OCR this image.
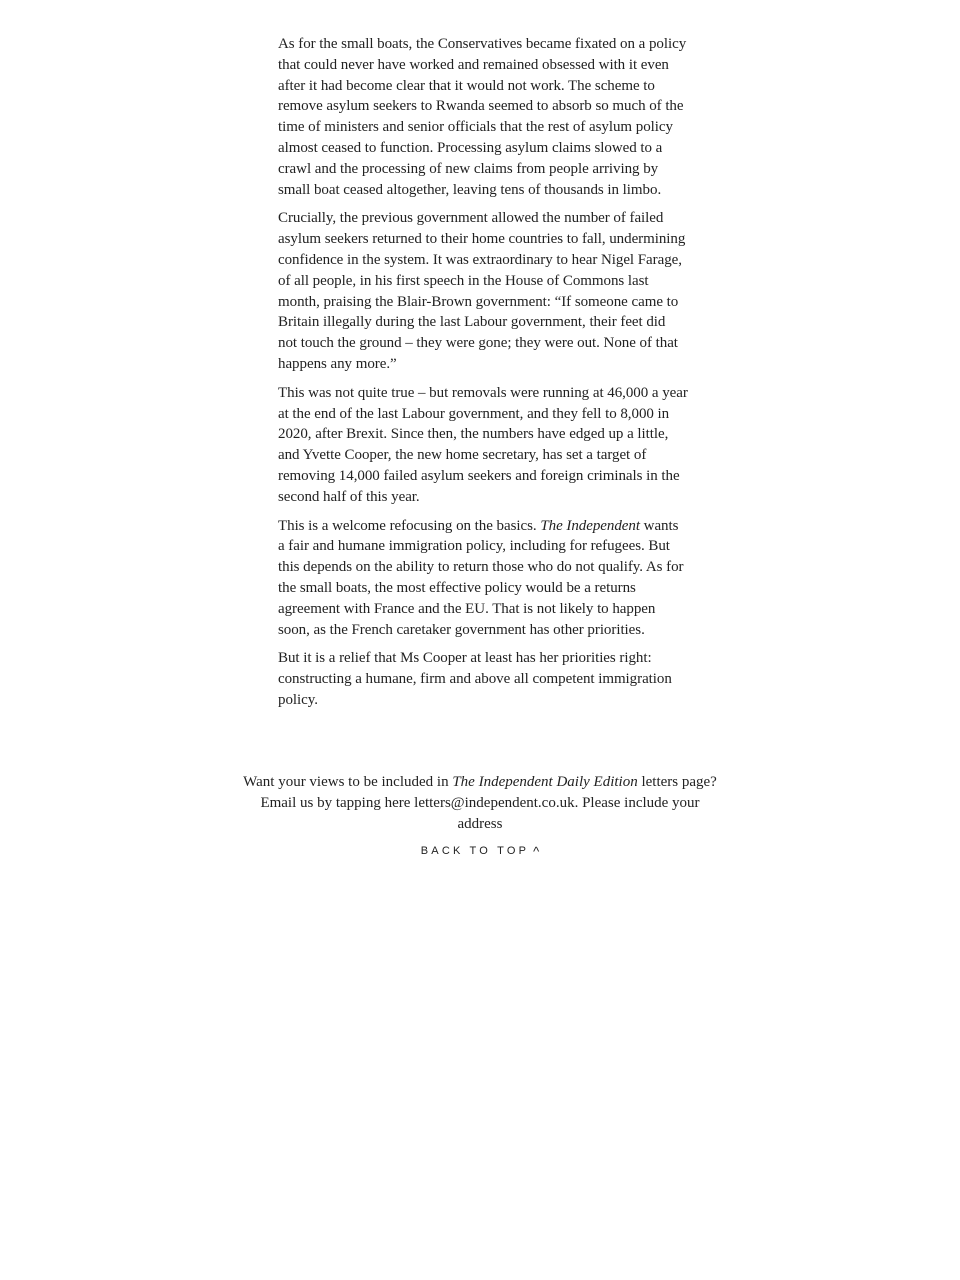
As for the small boats, the Conservatives became fixated on a policy that could never have worked and remained obsessed with it even after it had become clear that it would not work. The scheme to remove asylum seekers to Rwanda seemed to absorb so much of the time of ministers and senior officials that the rest of asylum policy almost ceased to function. Processing asylum claims slowed to a crawl and the processing of new claims from people arriving by small boat ceased altogether, leaving tens of thousands in limbo.

Crucially, the previous government allowed the number of failed asylum seekers returned to their home countries to fall, undermining confidence in the system. It was extraordinary to hear Nigel Farage, of all people, in his first speech in the House of Commons last month, praising the Blair-Brown government: “If someone came to Britain illegally during the last Labour government, their feet did not touch the ground – they were gone; they were out. None of that happens any more.”

This was not quite true – but removals were running at 46,000 a year at the end of the last Labour government, and they fell to 8,000 in 2020, after Brexit. Since then, the numbers have edged up a little, and Yvette Cooper, the new home secretary, has set a target of removing 14,000 failed asylum seekers and foreign criminals in the second half of this year.

This is a welcome refocusing on the basics. The Independent wants a fair and humane immigration policy, including for refugees. But this depends on the ability to return those who do not qualify. As for the small boats, the most effective policy would be a returns agreement with France and the EU. That is not likely to happen soon, as the French caretaker government has other priorities.

But it is a relief that Ms Cooper at least has her priorities right: constructing a humane, firm and above all competent immigration policy.

Want your views to be included in The Independent Daily Edition letters page? Email us by tapping here letters@independent.co.uk. Please include your address
BACK TO TOP ^
